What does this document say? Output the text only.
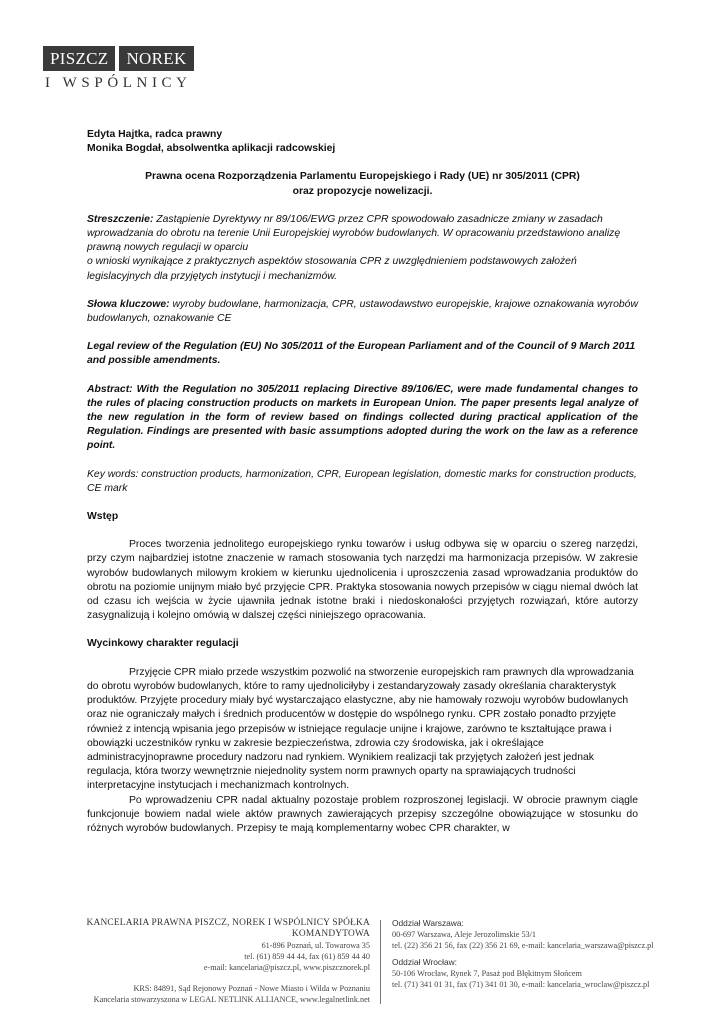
PISZCZ	NOREK
I WSPÓLNICY

Edyta Hajtka, radca prawny

Monika Bogdał, absolwentka aplikacji radcowskiej

Prawna ocena Rozporządzenia Parlamentu Europejskiego i Rady (UE) nr 305/2011 (CPR)

oraz propozycje nowelizacji.

Streszczenie: Zastąpienie Dyrektywy nr 89/106/EWG przez CPR spowodowało zasadnicze zmiany w zasadach wprowadzania do obrotu na terenie Unii Europejskiej wyrobów budowlanych. W opracowaniu przedstawiono analizę prawną nowych regulacji w oparciu

o wnioski wynikające z praktycznych aspektów stosowania CPR z uwzględnieniem podstawowych założeń legislacyjnych dla przyjętych instytucji i mechanizmów.

Słowa kluczowe: wyroby budowlane, harmonizacja, CPR, ustawodawstwo europejskie, krajowe oznakowania wyrobów budowlanych, oznakowanie CE

Legal review of the Regulation (EU) No 305/2011 of the European Parliament and of the Council of 9 March 2011 and possible amendments.

Abstract: With the Regulation no 305/2011 replacing Directive 89/106/EC, were made fundamental changes to the rules of placing construction products on markets in European Union. The paper presents legal analyze of the new regulation in the form of review based on findings collected during practical application of the Regulation. Findings are presented with basic assumptions adopted during the work on the law as a reference point.

Key words: construction products, harmonization, CPR, European legislation, domestic marks for construction products, CE mark

Wstęp

Proces tworzenia jednolitego europejskiego rynku towarów i usług odbywa się w oparciu o szereg narzędzi, przy czym najbardziej istotne znaczenie w ramach stosowania tych narzędzi ma harmonizacja przepisów. W zakresie wyrobów budowlanych milowym krokiem w kierunku ujednolicenia i uproszczenia zasad wprowadzania produktów do obrotu na poziomie unijnym miało być przyjęcie CPR. Praktyka stosowania nowych przepisów w ciągu niemal dwóch lat od czasu ich wejścia w życie ujawniła jednak istotne braki i niedoskonałości przyjętych rozwiązań, które autorzy zasygnalizują i kolejno omówią w dalszej części niniejszego opracowania.

Wycinkowy charakter regulacji

Przyjęcie CPR miało przede wszystkim pozwolić na stworzenie europejskich ram prawnych dla wprowadzania do obrotu wyrobów budowlanych, które to ramy ujednoliciłyby i zestandaryzowały zasady określania charakterystyk produktów. Przyjęte procedury miały być wystarczająco elastyczne, aby nie hamowały rozwoju wyrobów budowlanych oraz nie ograniczały małych i średnich producentów w dostępie do wspólnego rynku. CPR zostało ponadto przyjęte również z intencją wpisania jego przepisów w istniejące regulacje unijne i krajowe, zarówno te kształtujące prawa i obowiązki uczestników rynku w zakresie bezpieczeństwa, zdrowia czy środowiska, jak i określające administracyjnoprawne procedury nadzoru nad rynkiem. Wynikiem realizacji tak przyjętych założeń jest jednak regulacja, która tworzy wewnętrznie niejednolity system norm prawnych oparty na sprawiających trudności interpretacyjne instytucjach i mechanizmach kontrolnych.

Po wprowadzeniu CPR nadal aktualny pozostaje problem rozproszonej legislacji. W obrocie prawnym ciągle funkcjonuje bowiem nadal wiele aktów prawnych zawierających przepisy szczególne obowiązujące w stosunku do różnych wyrobów budowlanych. Przepisy te mają komplementarny wobec CPR charakter, w

KANCELARIA PRAWNA PISZCZ, NOREK I WSPÓLNICY SPÓŁKA KOMANDYTOWA
61-896 Poznań, ul. Towarowa 35
tel. (61) 859 44 44, fax (61) 859 44 40
e-mail: kancelaria@piszcz.pl, www.piszcznorek.pl
KRS: 84891, Sąd Rejonowy Poznań - Nowe Miasto i Wilda w Poznaniu
Kancelaria stowarzyszona w LEGAL NETLINK ALLIANCE, www.legalnetlink.net
Oddział Warszawa:
00-697 Warszawa, Aleje Jerozolimskie 53/1
tel. (22) 356 21 56, fax (22) 356 21 69, e-mail: kancelaria_warszawa@piszcz.pl
Oddział Wrocław:
50-106 Wrocław, Rynek 7, Pasaż pod Błękitnym Słońcem
tel. (71) 341 01 31, fax (71) 341 01 30, e-mail: kancelaria_wroclaw@piszcz.pl
